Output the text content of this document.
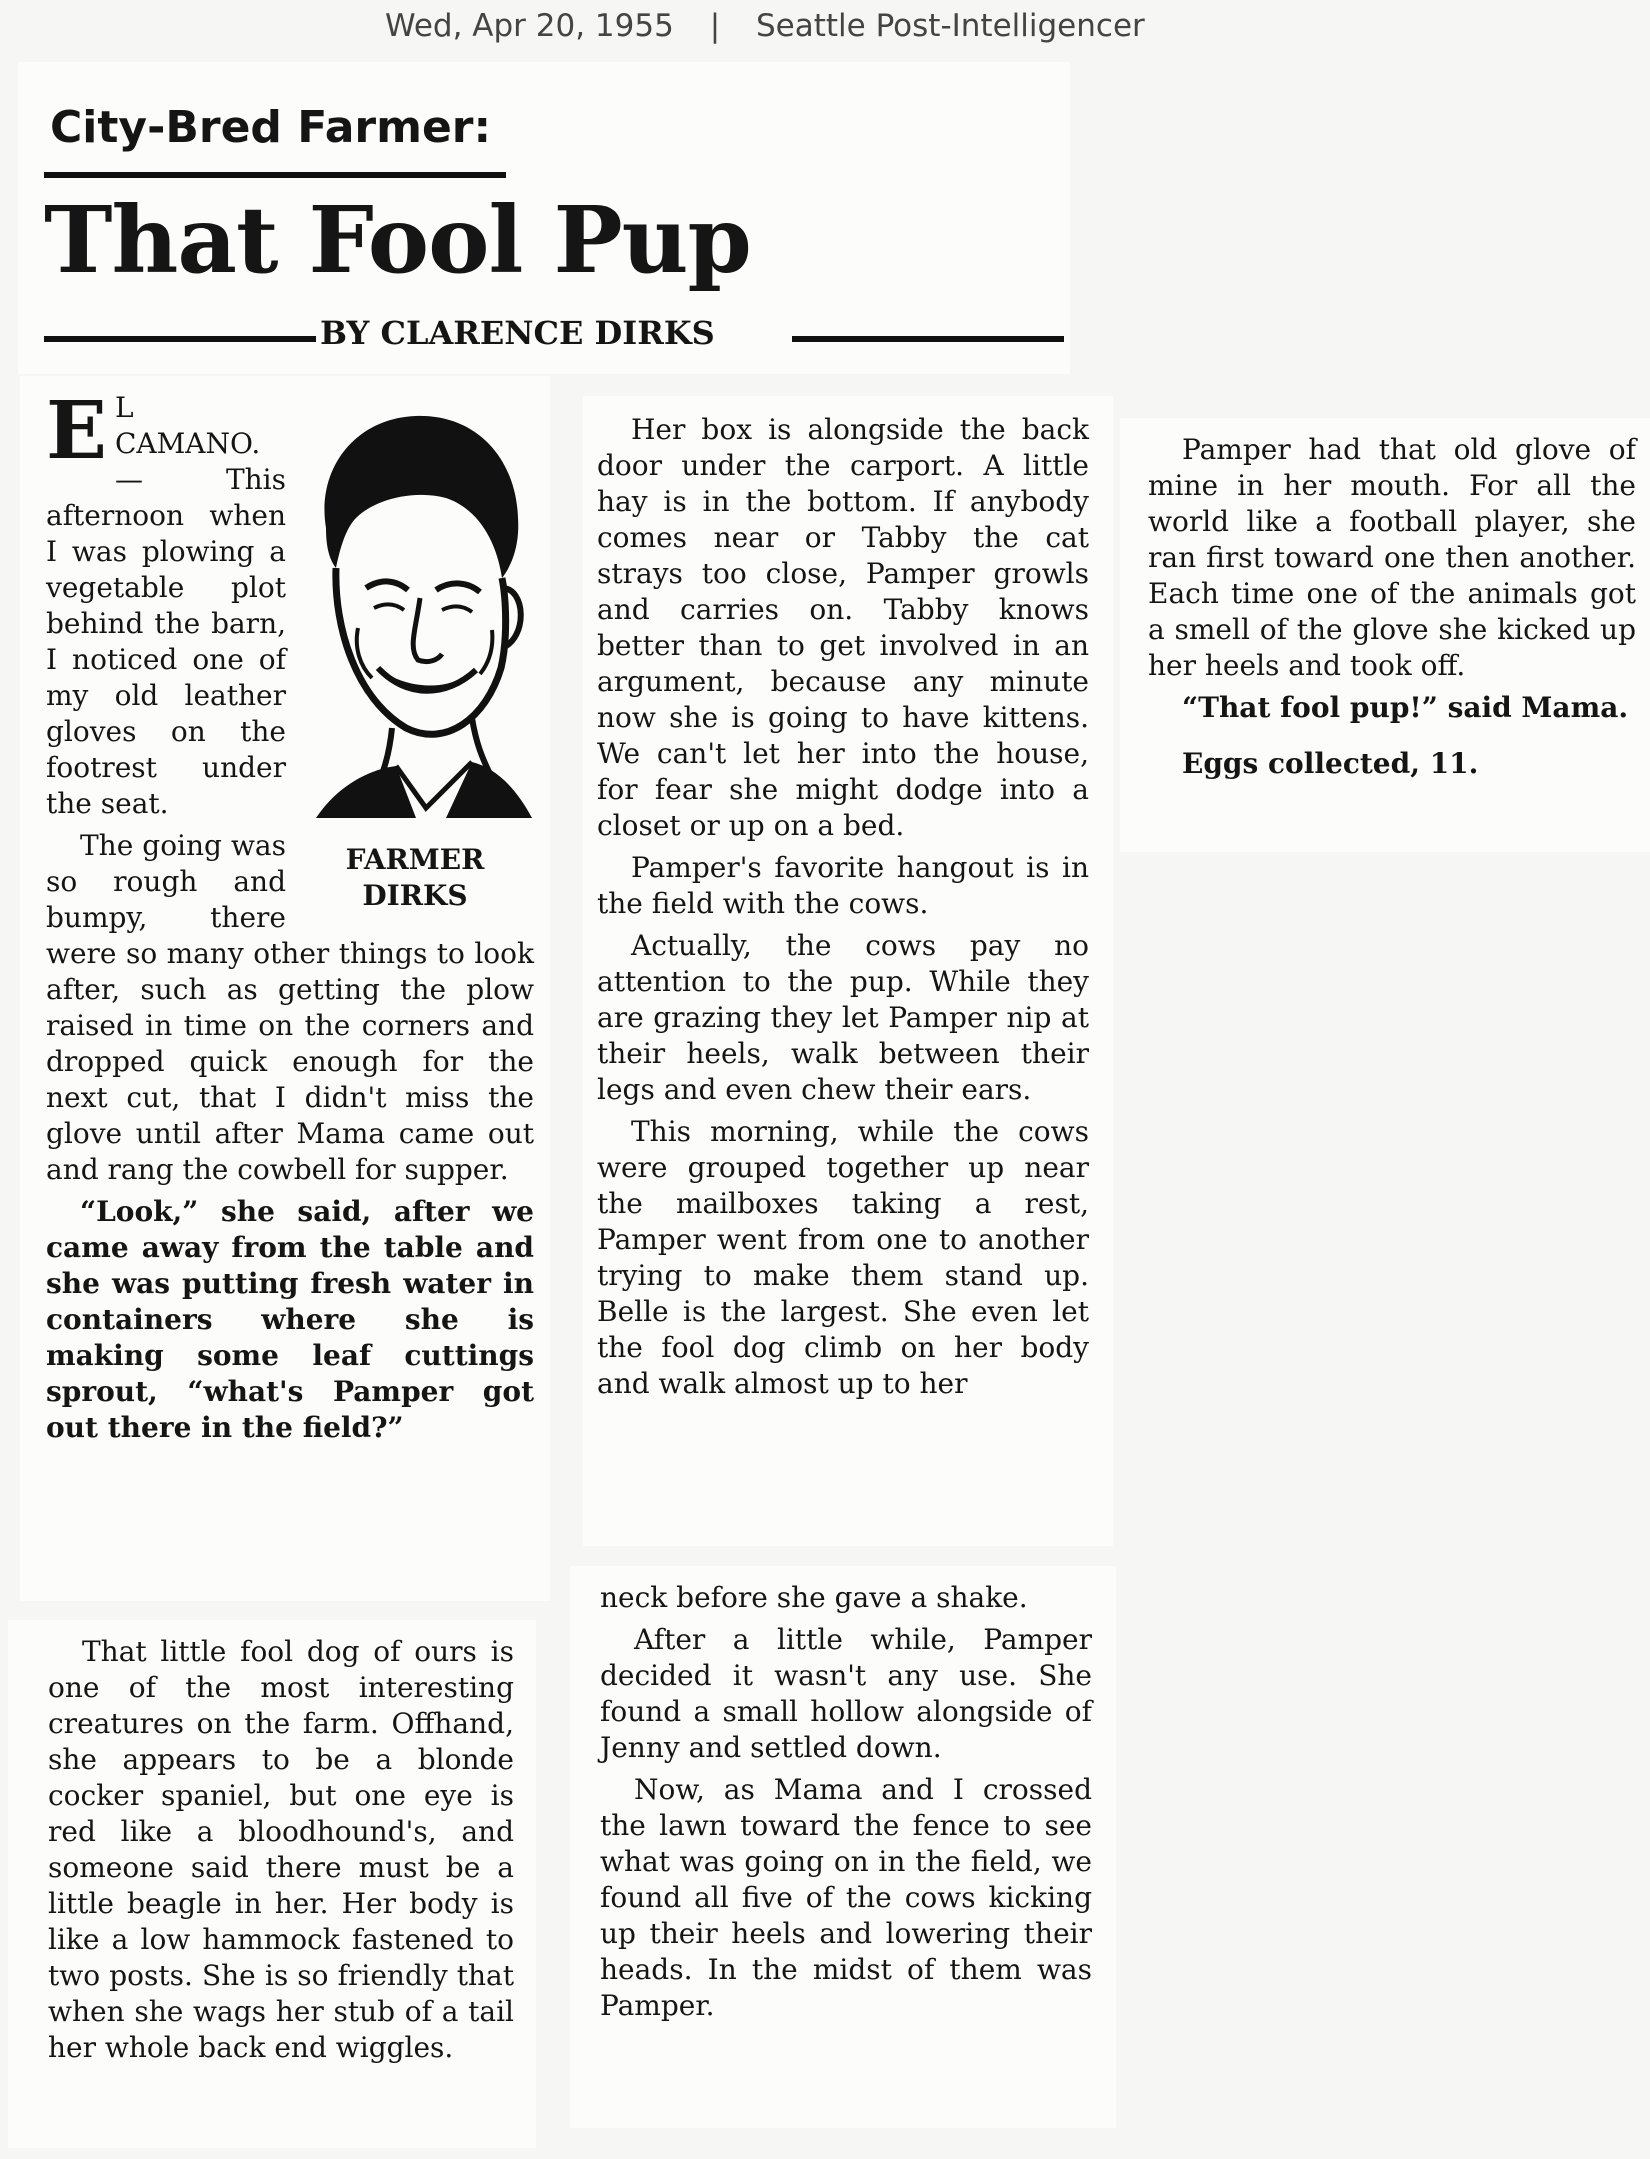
Wed, Apr 20, 1955 | Seattle Post-Intelligencer
City-Bred Farmer:
That Fool Pup
BY CLARENCE DIRKS
FARMER
DIRKS

E L CAMANO. — This afternoon when I was plowing a vegetable plot behind the barn, I noticed one of my old leather gloves on the footrest under the seat.

The going was so rough and bumpy, there were so many other things to look after, such as getting the plow raised in time on the corners and dropped quick enough for the next cut, that I didn't miss the glove until after Mama came out and rang the cowbell for supper.

“Look,” she said, after we came away from the table and she was putting fresh water in containers where she is making some leaf cuttings sprout, “what's Pamper got out there in the field?”

That little fool dog of ours is one of the most interesting creatures on the farm. Offhand, she appears to be a blonde cocker spaniel, but one eye is red like a bloodhound's, and someone said there must be a little beagle in her. Her body is like a low hammock fastened to two posts. She is so friendly that when she wags her stub of a tail her whole back end wiggles.

Her box is alongside the back door under the carport. A little hay is in the bottom. If anybody comes near or Tabby the cat strays too close, Pamper growls and carries on. Tabby knows better than to get involved in an argument, because any minute now she is going to have kittens. We can't let her into the house, for fear she might dodge into a closet or up on a bed.

Pamper's favorite hangout is in the field with the cows.

Actually, the cows pay no attention to the pup. While they are grazing they let Pamper nip at their heels, walk between their legs and even chew their ears.

This morning, while the cows were grouped together up near the mailboxes taking a rest, Pamper went from one to another trying to make them stand up. Belle is the largest. She even let the fool dog climb on her body and walk almost up to her

neck before she gave a shake.

After a little while, Pamper decided it wasn't any use. She found a small hollow alongside of Jenny and settled down.

Now, as Mama and I crossed the lawn toward the fence to see what was going on in the field, we found all five of the cows kicking up their heels and lowering their heads. In the midst of them was Pamper.

Pamper had that old glove of mine in her mouth. For all the world like a football player, she ran first toward one then another. Each time one of the animals got a smell of the glove she kicked up her heels and took off.

“That fool pup!” said Mama.

Eggs collected, 11.
